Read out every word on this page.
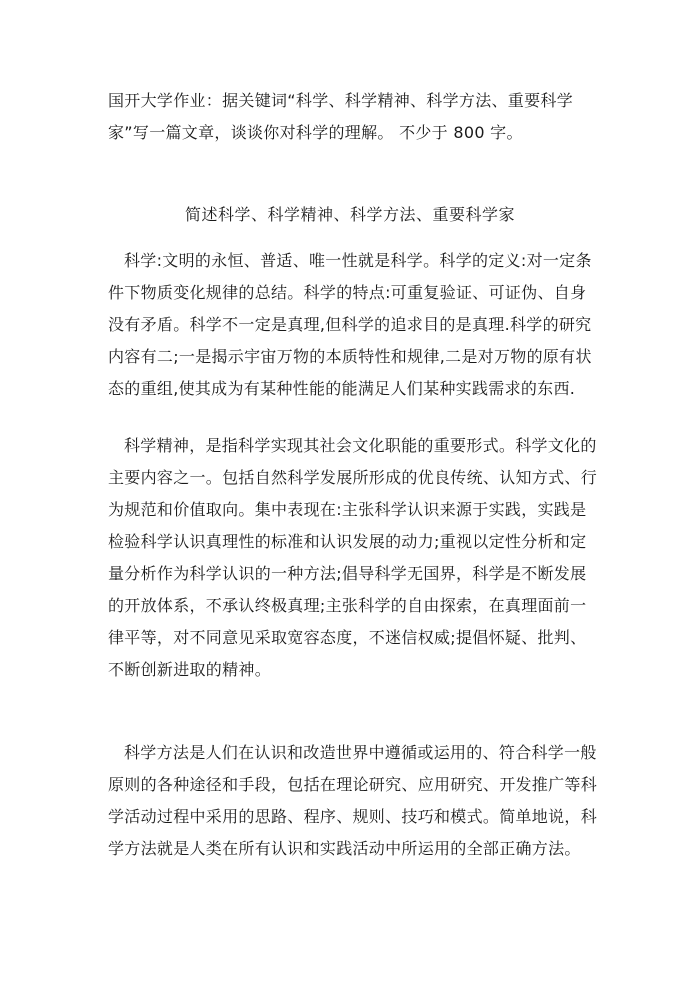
国开大学作业：据关键词“科学、科学精神、科学方法、重要科学家”写一篇文章，谈谈你对科学的理解。 不少于 800 字。
简述科学、科学精神、科学方法、重要科学家
科学:文明的永恒、普适、唯一性就是科学。科学的定义:对一定条件下物质变化规律的总结。科学的特点:可重复验证、可证伪、自身没有矛盾。科学不一定是真理,但科学的追求目的是真理.科学的研究内容有二;一是揭示宇宙万物的本质特性和规律,二是对万物的原有状态的重组,使其成为有某种性能的能满足人们某种实践需求的东西.
科学精神，是指科学实现其社会文化职能的重要形式。科学文化的主要内容之一。包括自然科学发展所形成的优良传统、认知方式、行为规范和价值取向。集中表现在:主张科学认识来源于实践，实践是检验科学认识真理性的标准和认识发展的动力;重视以定性分析和定量分析作为科学认识的一种方法;倡导科学无国界，科学是不断发展的开放体系，不承认终极真理;主张科学的自由探索，在真理面前一律平等，对不同意见采取宽容态度，不迷信权威;提倡怀疑、批判、不断创新进取的精神。
科学方法是人们在认识和改造世界中遵循或运用的、符合科学一般原则的各种途径和手段，包括在理论研究、应用研究、开发推广等科学活动过程中采用的思路、程序、规则、技巧和模式。简单地说，科学方法就是人类在所有认识和实践活动中所运用的全部正确方法。
